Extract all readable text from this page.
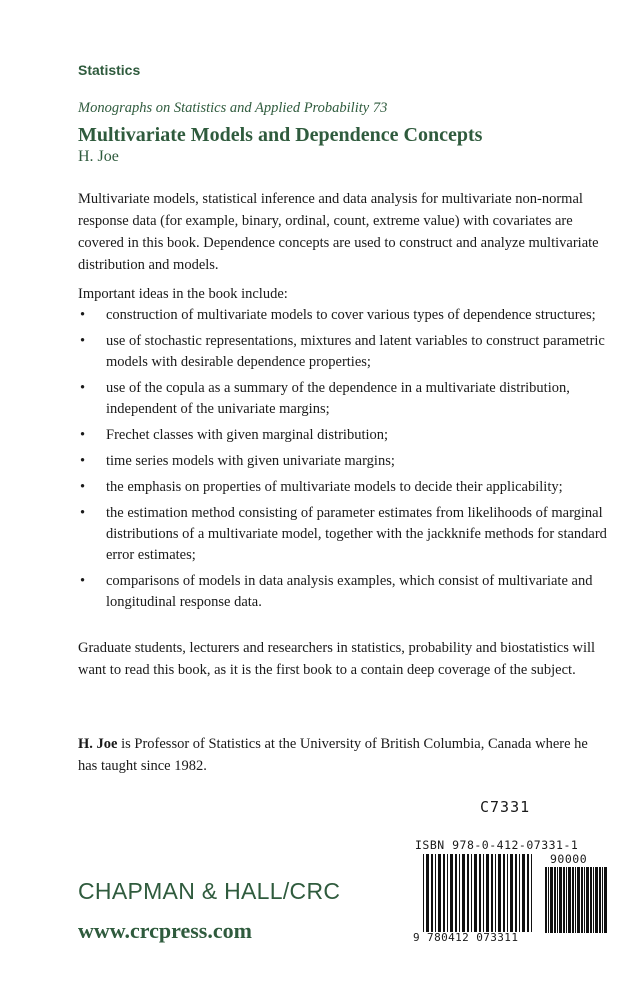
Statistics
Monographs on Statistics and Applied Probability 73
Multivariate Models and Dependence Concepts
H. Joe

Multivariate models, statistical inference and data analysis for multivariate non-normal response data (for example, binary, ordinal, count, extreme value) with covariates are covered in this book. Dependence concepts are used to construct and analyze multivariate distribution and models.

Important ideas in the book include:

• construction of multivariate models to cover various types of dependence structures;
• use of stochastic representations, mixtures and latent variables to construct parametric models with desirable dependence properties;
• use of the copula as a summary of the dependence in a multivariate distribution, independent of the univariate margins;
• Frechet classes with given marginal distribution;
• time series models with given univariate margins;
• the emphasis on properties of multivariate models to decide their applicability;
• the estimation method consisting of parameter estimates from likelihoods of marginal distributions of a multivariate model, together with the jackknife methods for standard error estimates;
• comparisons of models in data analysis examples, which consist of multivariate and longitudinal response data.

Graduate students, lecturers and researchers in statistics, probability and biostatistics will want to read this book, as it is the first book to a contain deep coverage of the subject.

H. Joe is Professor of Statistics at the University of British Columbia, Canada where he has taught since 1982.

C7331
ISBN 978-0-412-07331-1
90000
9 780412 073311
CHAPMAN & HALL/CRC
www.crcpress.com
